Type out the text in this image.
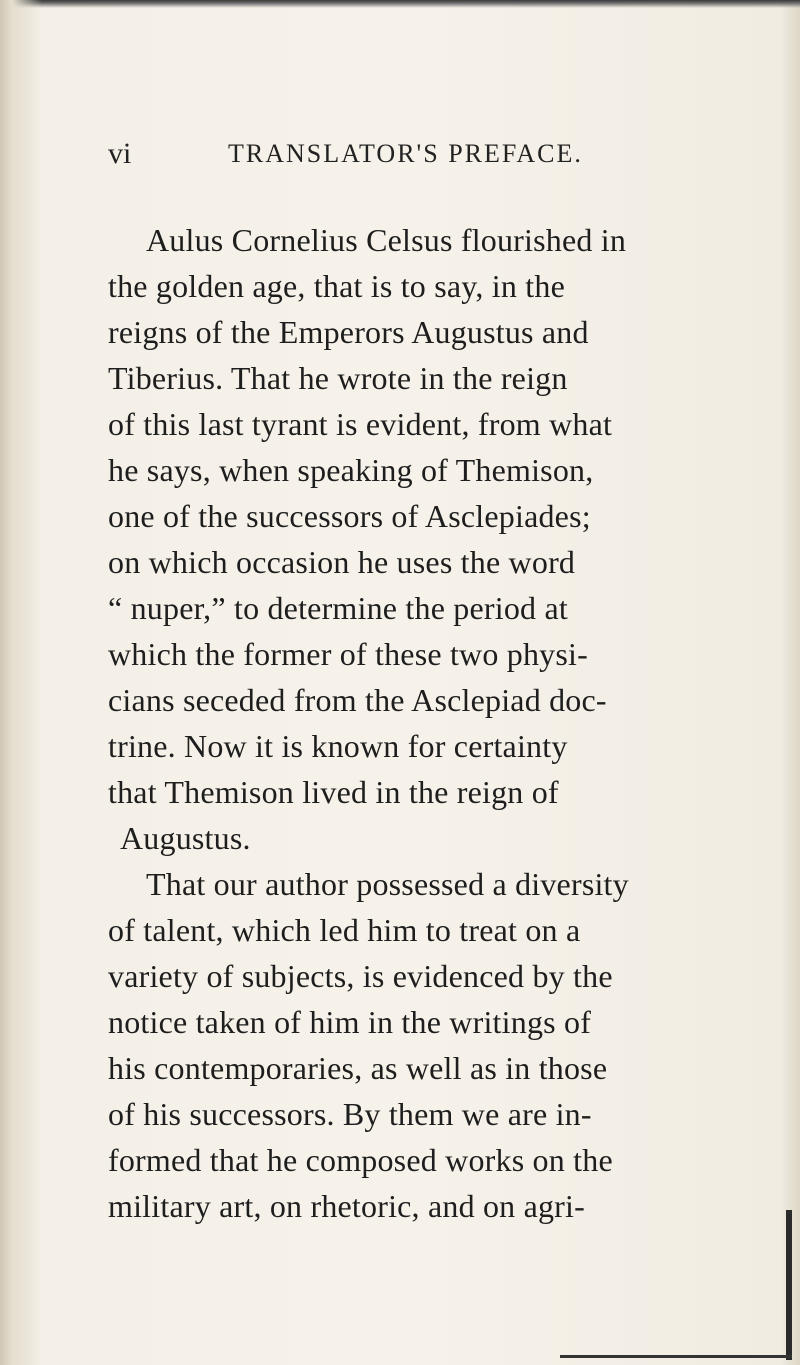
vi	TRANSLATOR'S PREFACE.
Aulus Cornelius Celsus flourished in
the golden age, that is to say, in the
reigns of the Emperors Augustus and
Tiberius. That he wrote in the reign
of this last tyrant is evident, from what
he says, when speaking of Themison,
one of the successors of Asclepiades;
on which occasion he uses the word
“ nuper,” to determine the period at
which the former of these two physi-
cians seceded from the Asclepiad doc-
trine. Now it is known for certainty
that Themison lived in the reign of
Augustus.
That our author possessed a diversity
of talent, which led him to treat on a
variety of subjects, is evidenced by the
notice taken of him in the writings of
his contemporaries, as well as in those
of his successors. By them we are in-
formed that he composed works on the
military art, on rhetoric, and on agri-
